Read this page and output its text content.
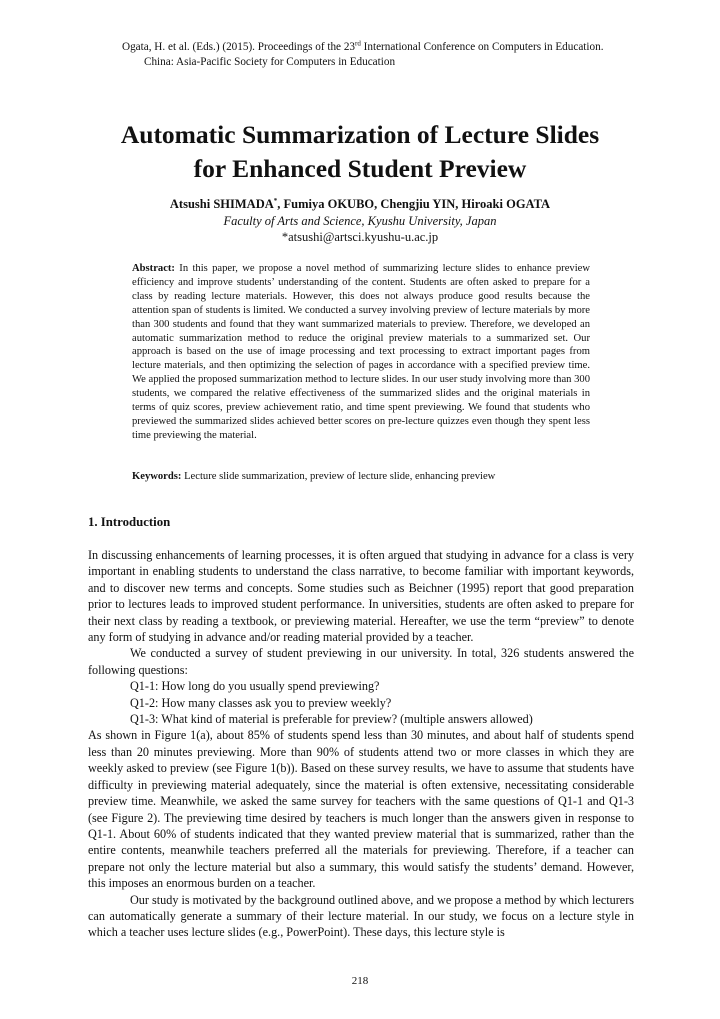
Ogata, H. et al. (Eds.) (2015). Proceedings of the 23rd International Conference on Computers in Education.
China: Asia-Pacific Society for Computers in Education
Automatic Summarization of Lecture Slides
for Enhanced Student Preview
Atsushi SHIMADA*, Fumiya OKUBO, Chengjiu YIN, Hiroaki OGATA
Faculty of Arts and Science, Kyushu University, Japan
*atsushi@artsci.kyushu-u.ac.jp
Abstract: In this paper, we propose a novel method of summarizing lecture slides to enhance preview efficiency and improve students’ understanding of the content. Students are often asked to prepare for a class by reading lecture materials. However, this does not always produce good results because the attention span of students is limited. We conducted a survey involving preview of lecture materials by more than 300 students and found that they want summarized materials to preview. Therefore, we developed an automatic summarization method to reduce the original preview materials to a summarized set. Our approach is based on the use of image processing and text processing to extract important pages from lecture materials, and then optimizing the selection of pages in accordance with a specified preview time. We applied the proposed summarization method to lecture slides. In our user study involving more than 300 students, we compared the relative effectiveness of the summarized slides and the original materials in terms of quiz scores, preview achievement ratio, and time spent previewing. We found that students who previewed the summarized slides achieved better scores on pre-lecture quizzes even though they spent less time previewing the material.
Keywords: Lecture slide summarization, preview of lecture slide, enhancing preview
1. Introduction

In discussing enhancements of learning processes, it is often argued that studying in advance for a class is very important in enabling students to understand the class narrative, to become familiar with important keywords, and to discover new terms and concepts. Some studies such as Beichner (1995) report that good preparation prior to lectures leads to improved student performance. In universities, students are often asked to prepare for their next class by reading a textbook, or previewing material. Hereafter, we use the term “preview” to denote any form of studying in advance and/or reading material provided by a teacher.

We conducted a survey of student previewing in our university. In total, 326 students answered the following questions:

Q1-1: How long do you usually spend previewing?

Q1-2: How many classes ask you to preview weekly?

Q1-3: What kind of material is preferable for preview? (multiple answers allowed)

As shown in Figure 1(a), about 85% of students spend less than 30 minutes, and about half of students spend less than 20 minutes previewing. More than 90% of students attend two or more classes in which they are weekly asked to preview (see Figure 1(b)). Based on these survey results, we have to assume that students have difficulty in previewing material adequately, since the material is often extensive, necessitating considerable preview time. Meanwhile, we asked the same survey for teachers with the same questions of Q1-1 and Q1-3 (see Figure 2). The previewing time desired by teachers is much longer than the answers given in response to Q1-1. About 60% of students indicated that they wanted preview material that is summarized, rather than the entire contents, meanwhile teachers preferred all the materials for previewing. Therefore, if a teacher can prepare not only the lecture material but also a summary, this would satisfy the students’ demand. However, this imposes an enormous burden on a teacher.

Our study is motivated by the background outlined above, and we propose a method by which lecturers can automatically generate a summary of their lecture material. In our study, we focus on a lecture style in which a teacher uses lecture slides (e.g., PowerPoint). These days, this lecture style is

218
